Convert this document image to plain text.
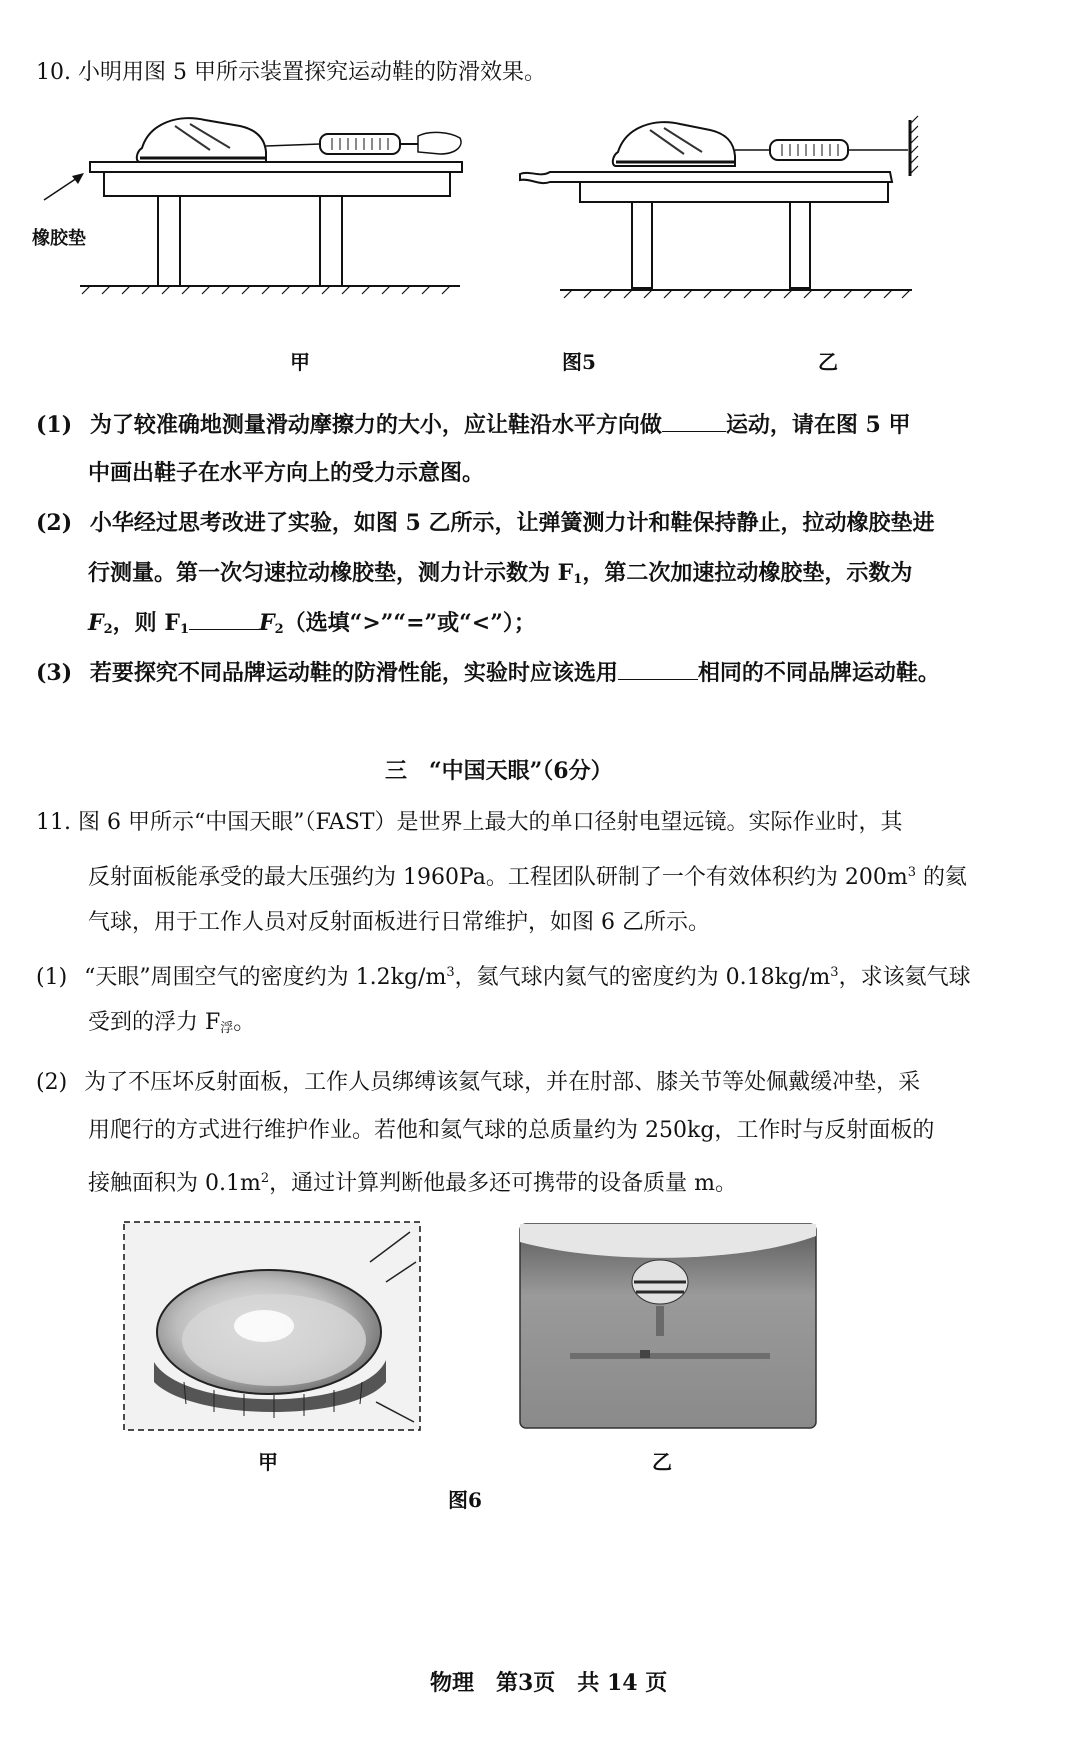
10. 小明用图 5 甲所示装置探究运动鞋的防滑效果。
橡胶垫
甲	图5	乙
(1) 为了较准确地测量滑动摩擦力的大小，应让鞋沿水平方向做	运动，请在图 5 甲
中画出鞋子在水平方向上的受力示意图。
(2) 小华经过思考改进了实验，如图 5 乙所示，让弹簧测力计和鞋保持静止，拉动橡胶垫进
行测量。第一次匀速拉动橡胶垫，测力计示数为 $F_1$，第二次加速拉动橡胶垫，示数为
$F_2$，则 $F_1$	$F_2$（选填“>”“=”或“<”）；
(3) 若要探究不同品牌运动鞋的防滑性能，实验时应该选用	相同的不同品牌运动鞋。
三　“中国天眼”（6分）
11. 图 6 甲所示“中国天眼”（FAST）是世界上最大的单口径射电望远镜。实际作业时，其
反射面板能承受的最大压强约为 1960Pa。工程团队研制了一个有效体积约为 $200m^3$ 的氦
气球，用于工作人员对反射面板进行日常维护，如图 6 乙所示。
(1) “天眼”周围空气的密度约为 $1.2kg/m^3$，氦气球内氦气的密度约为 $0.18kg/m^3$，求该氦气球
受到的浮力 $F_浮$。
(2) 为了不压坏反射面板，工作人员绑缚该氦气球，并在肘部、膝关节等处佩戴缓冲垫，采
用爬行的方式进行维护作业。若他和氦气球的总质量约为 250kg，工作时与反射面板的
接触面积为 $0.1m^2$，通过计算判断他最多还可携带的设备质量 m。
甲	乙
图6
物理　第3页　共 14 页
